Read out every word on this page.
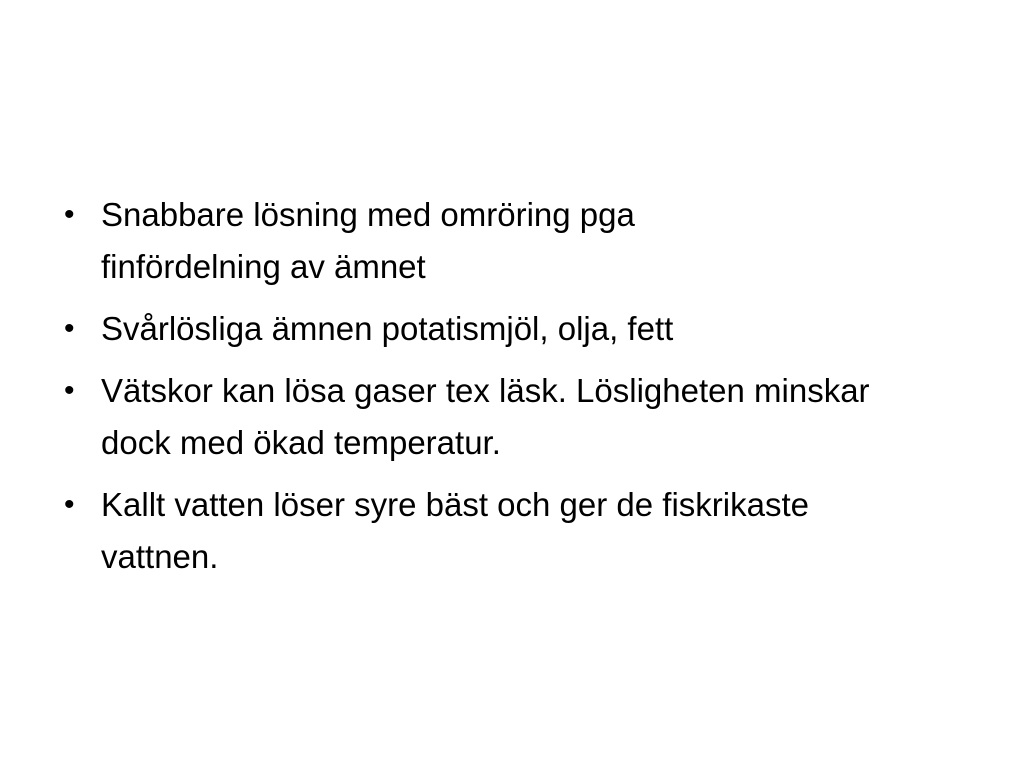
• Snabbare lösning med omröring pga finfördelning av ämnet
• Svårlösliga ämnen potatismjöl, olja, fett
• Vätskor kan lösa gaser tex läsk. Lösligheten minskar dock med ökad temperatur.
• Kallt vatten löser syre bäst och ger de fiskrikaste vattnen.
